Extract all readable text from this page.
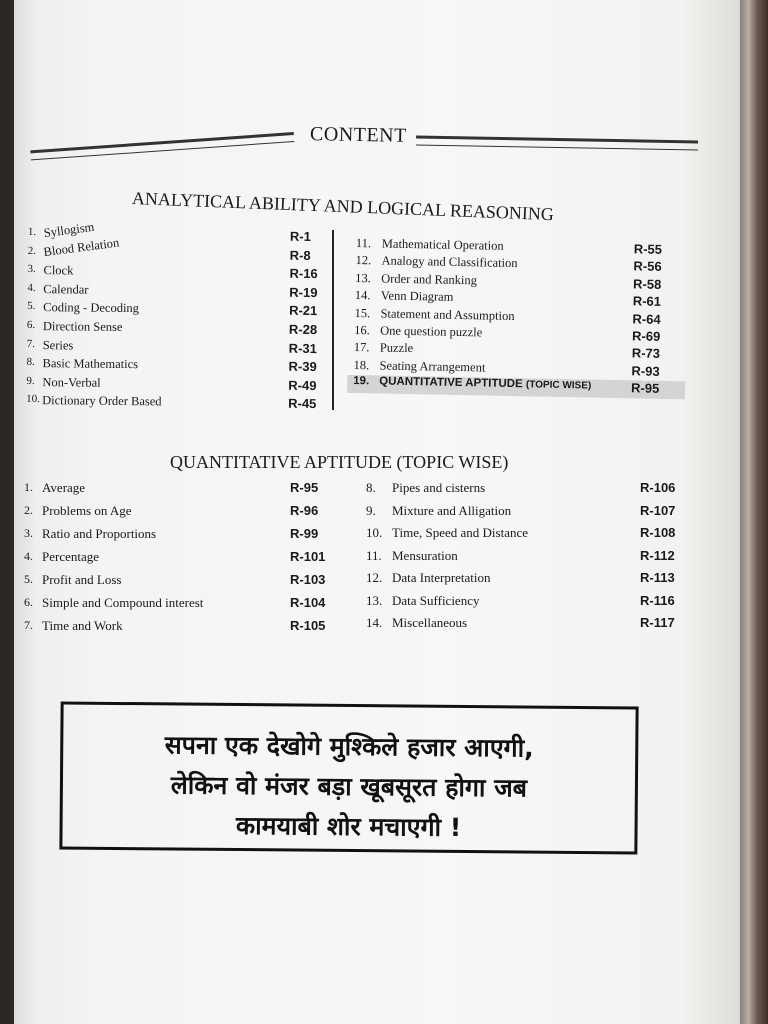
CONTENT
ANALYTICAL ABILITY AND LOGICAL REASONING
1. Syllogism	R-1
2. Blood Relation	R-8
3. Clock	R-16
4. Calendar	R-19
5. Coding - Decoding	R-21
6. Direction Sense	R-28
7. Series	R-31
8. Basic Mathematics	R-39
9. Non-Verbal	R-49
10. Dictionary Order Based	R-45
11. Mathematical Operation	R-55
12. Analogy and Classification	R-56
13. Order and Ranking	R-58
14. Venn Diagram	R-61
15. Statement and Assumption	R-64
16. One question puzzle	R-69
17. Puzzle	R-73
18. Seating Arrangement	R-93
19. QUANTITATIVE APTITUDE (TOPIC WISE)	R-95
QUANTITATIVE APTITUDE (TOPIC WISE)
1. Average	R-95
2. Problems on Age	R-96
3. Ratio and Proportions	R-99
4. Percentage	R-101
5. Profit and Loss	R-103
6. Simple and Compound interest	R-104
7. Time and Work	R-105
8. Pipes and cisterns	R-106
9. Mixture and Alligation	R-107
10. Time, Speed and Distance	R-108
11. Mensuration	R-112
12. Data Interpretation	R-113
13. Data Sufficiency	R-116
14. Miscellaneous	R-117
सपना एक देखोगे मुश्किले हजार आएगी,
लेकिन वो मंजर बड़ा खूबसूरत होगा जब
कामयाबी शोर मचाएगी !
